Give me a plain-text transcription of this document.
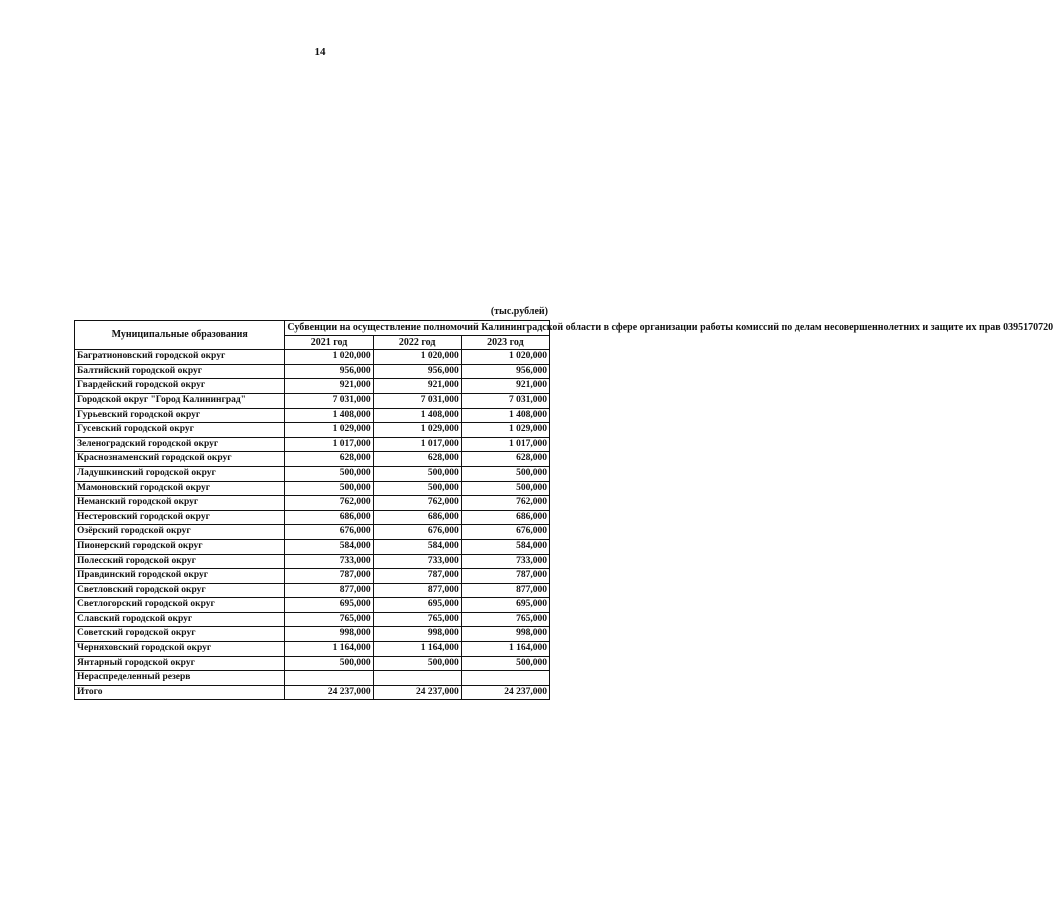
14
(тыс.рублей)
Муниципальные образования	Субвенции на осуществление полномочий Калининградской области в сфере организации работы комиссий по делам несовершеннолетних и защите их прав 0395170720		
	2021 год	2022 год	2023 год
Багратионовский городской округ	1 020,000	1 020,000	1 020,000
Балтийский городской округ	956,000	956,000	956,000
Гвардейский городской округ	921,000	921,000	921,000
Городской округ "Город Калининград"	7 031,000	7 031,000	7 031,000
Гурьевский городской округ	1 408,000	1 408,000	1 408,000
Гусевский городской округ	1 029,000	1 029,000	1 029,000
Зеленоградский городской округ	1 017,000	1 017,000	1 017,000
Краснознаменский городской округ	628,000	628,000	628,000
Ладушкинский городской округ	500,000	500,000	500,000
Мамоновский городской округ	500,000	500,000	500,000
Неманский городской округ	762,000	762,000	762,000
Нестеровский городской округ	686,000	686,000	686,000
Озёрский городской округ	676,000	676,000	676,000
Пионерский городской округ	584,000	584,000	584,000
Полесский городской округ	733,000	733,000	733,000
Правдинский городской округ	787,000	787,000	787,000
Светловский городской округ	877,000	877,000	877,000
Светлогорский городской округ	695,000	695,000	695,000
Славский городской округ	765,000	765,000	765,000
Советский городской округ	998,000	998,000	998,000
Черняховский городской округ	1 164,000	1 164,000	1 164,000
Янтарный городской округ	500,000	500,000	500,000
Нераспределенный резерв			
Итого	24 237,000	24 237,000	24 237,000
